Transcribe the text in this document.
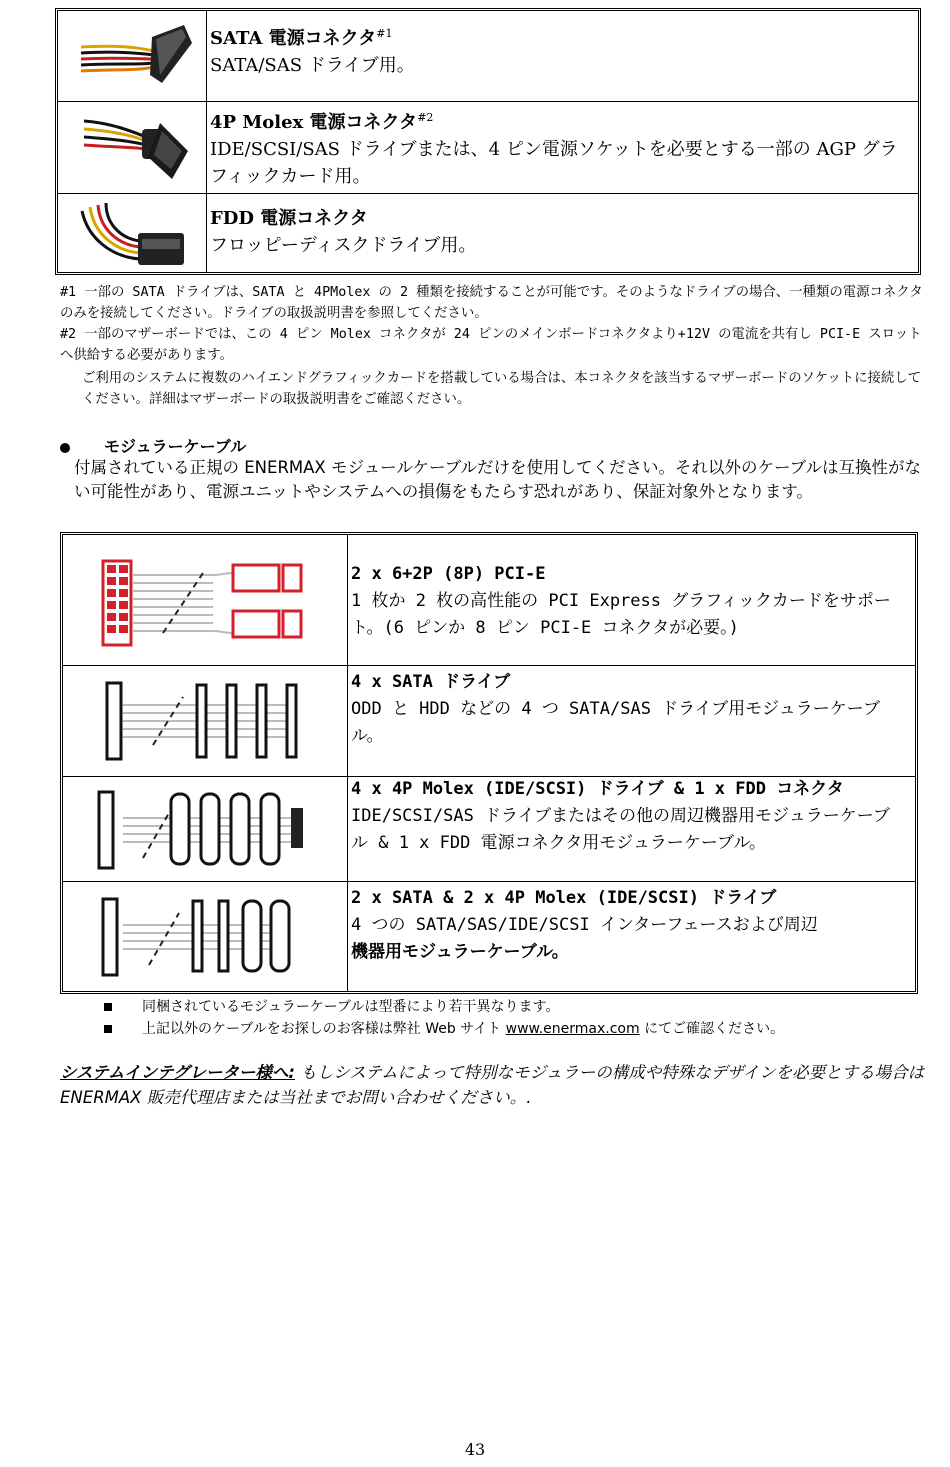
SATA 電源コネクタ$^{\#1}$
SATA/SAS ドライブ用。
4P Molex 電源コネクタ$^{\#2}$
IDE/SCSI/SAS ドライブまたは、4 ピン電源ソケットを必要とする一部の AGP グラフィックカード用。
FDD 電源コネクタ
フロッピーディスクドライブ用。
#1 一部の SATA ドライブは、SATA と 4PMolex の 2 種類を接続することが可能です。そのようなドライブの場合、一種類の電源コネクタのみを接続してください。ドライブの取扱説明書を参照してください。
#2 一部のマザーボードでは、この 4 ピン Molex コネクタが 24 ピンのメインボードコネクタより+12V の電流を共有し PCI-E スロットへ供給する必要があります。
ご利用のシステムに複数のハイエンドグラフィックカードを搭載している場合は、本コネクタを該当するマザーボードのソケットに接続してください。詳細はマザーボードの取扱説明書をご確認ください。
モジュラーケーブル
付属されている正規の ENERMAX モジュールケーブルだけを使用してください。それ以外のケーブルは互換性がない可能性があり、電源ユニットやシステムへの損傷をもたらす恐れがあり、保証対象外となります。
2 x 6+2P (8P) PCI-E
1 枚か 2 枚の高性能の PCI Express グラフィックカードをサポート。(6 ピンか 8 ピン PCI-E コネクタが必要。)
4 x SATA ドライブ
ODD と HDD などの 4 つ SATA/SAS ドライブ用モジュラーケーブル。
4 x 4P Molex (IDE/SCSI) ドライブ & 1 x FDD コネクタ
IDE/SCSI/SAS ドライブまたはその他の周辺機器用モジュラーケーブル & 1 x FDD 電源コネクタ用モジュラーケーブル。
2 x SATA & 2 x 4P Molex (IDE/SCSI) ドライブ
4 つの SATA/SAS/IDE/SCSI インターフェースおよび周辺
機器用モジュラーケーブル。
同梱されているモジュラーケーブルは型番により若干異なります。
上記以外のケーブルをお探しのお客様は弊社 Web サイト www.enermax.com にてご確認ください。
システムインテグレーター様へ: もしシステムによって特別なモジュラーの構成や特殊なデザインを必要とする場合はENERMAX 販売代理店または当社までお問い合わせください。.
43
